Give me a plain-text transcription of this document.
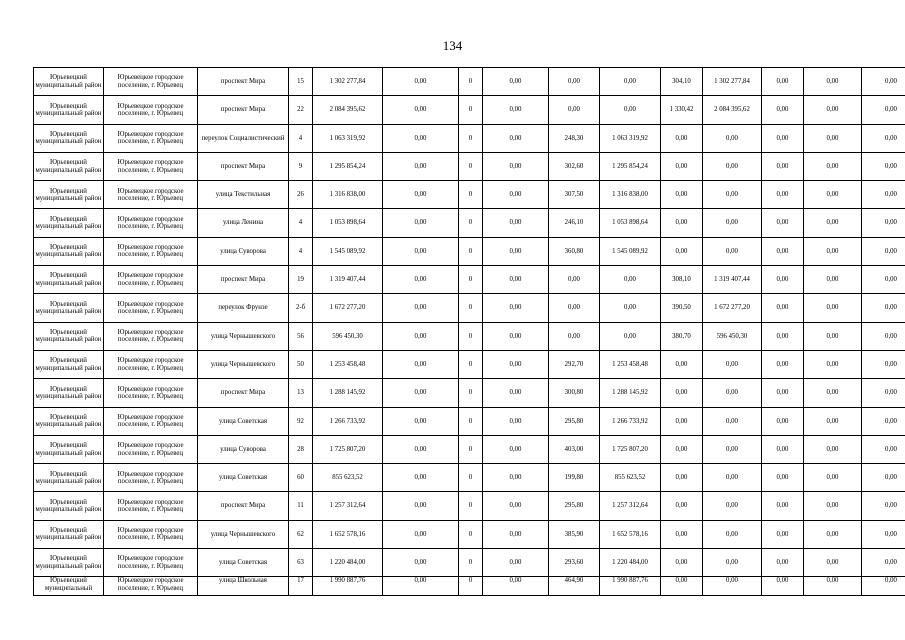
134
Юрьевецкий муниципальный район	Юрьевецкое городское поселение, г. Юрьевец	проспект Мира	15	1 302 277,84	0,00	0	0,00	0,00	0,00	304,10	1 302 277,84	0,00	0,00	0,00
Юрьевецкий муниципальный район	Юрьевецкое городское поселение, г. Юрьевец	проспект Мира	22	2 084 395,62	0,00	0	0,00	0,00	0,00	1 330,42	2 084 395,62	0,00	0,00	0,00
Юрьевецкий муниципальный район	Юрьевецкое городское поселение, г. Юрьевец	переулок Социалистический	4	1 063 319,92	0,00	0	0,00	248,30	1 063 319,92	0,00	0,00	0,00	0,00	0,00
Юрьевецкий муниципальный район	Юрьевецкое городское поселение, г. Юрьевец	проспект Мира	9	1 295 854,24	0,00	0	0,00	302,60	1 295 854,24	0,00	0,00	0,00	0,00	0,00
Юрьевецкий муниципальный район	Юрьевецкое городское поселение, г. Юрьевец	улица Текстильная	26	1 316 838,00	0,00	0	0,00	307,50	1 316 838,00	0,00	0,00	0,00	0,00	0,00
Юрьевецкий муниципальный район	Юрьевецкое городское поселение, г. Юрьевец	улица Ленина	4	1 053 898,64	0,00	0	0,00	246,10	1 053 898,64	0,00	0,00	0,00	0,00	0,00
Юрьевецкий муниципальный район	Юрьевецкое городское поселение, г. Юрьевец	улица Суворова	4	1 545 089,92	0,00	0	0,00	360,80	1 545 089,92	0,00	0,00	0,00	0,00	0,00
Юрьевецкий муниципальный район	Юрьевецкое городское поселение, г. Юрьевец	проспект Мира	19	1 319 407,44	0,00	0	0,00	0,00	0,00	308,10	1 319 407,44	0,00	0,00	0,00
Юрьевецкий муниципальный район	Юрьевецкое городское поселение, г. Юрьевец	переулок Фрунзе	2-б	1 672 277,20	0,00	0	0,00	0,00	0,00	390,50	1 672 277,20	0,00	0,00	0,00
Юрьевецкий муниципальный район	Юрьевецкое городское поселение, г. Юрьевец	улица Чернышевского	56	596 450,30	0,00	0	0,00	0,00	0,00	380,70	596 450,30	0,00	0,00	0,00
Юрьевецкий муниципальный район	Юрьевецкое городское поселение, г. Юрьевец	улица Чернышевского	50	1 253 458,48	0,00	0	0,00	292,70	1 253 458,48	0,00	0,00	0,00	0,00	0,00
Юрьевецкий муниципальный район	Юрьевецкое городское поселение, г. Юрьевец	проспект Мира	13	1 288 145,92	0,00	0	0,00	300,80	1 288 145,92	0,00	0,00	0,00	0,00	0,00
Юрьевецкий муниципальный район	Юрьевецкое городское поселение, г. Юрьевец	улица Советская	92	1 266 733,92	0,00	0	0,00	295,80	1 266 733,92	0,00	0,00	0,00	0,00	0,00
Юрьевецкий муниципальный район	Юрьевецкое городское поселение, г. Юрьевец	улица Суворова	28	1 725 807,20	0,00	0	0,00	403,00	1 725 807,20	0,00	0,00	0,00	0,00	0,00
Юрьевецкий муниципальный район	Юрьевецкое городское поселение, г. Юрьевец	улица Советская	60	855 623,52	0,00	0	0,00	199,80	855 623,52	0,00	0,00	0,00	0,00	0,00
Юрьевецкий муниципальный район	Юрьевецкое городское поселение, г. Юрьевец	проспект Мира	11	1 257 312,64	0,00	0	0,00	295,80	1 257 312,64	0,00	0,00	0,00	0,00	0,00
Юрьевецкий муниципальный район	Юрьевецкое городское поселение, г. Юрьевец	улица Чернышевского	62	1 652 578,16	0,00	0	0,00	385,90	1 652 578,16	0,00	0,00	0,00	0,00	0,00
Юрьевецкий муниципальный район	Юрьевецкое городское поселение, г. Юрьевец	улица Советская	63	1 220 484,00	0,00	0	0,00	293,60	1 220 484,00	0,00	0,00	0,00	0,00	0,00
Юрьевецкий муниципальный	Юрьевецкое городское поселение, г. Юрьевец	улица Школьная	17	1 990 887,76	0,00	0	0,00	464,90	1 990 887,76	0,00	0,00	0,00	0,00	0,00
